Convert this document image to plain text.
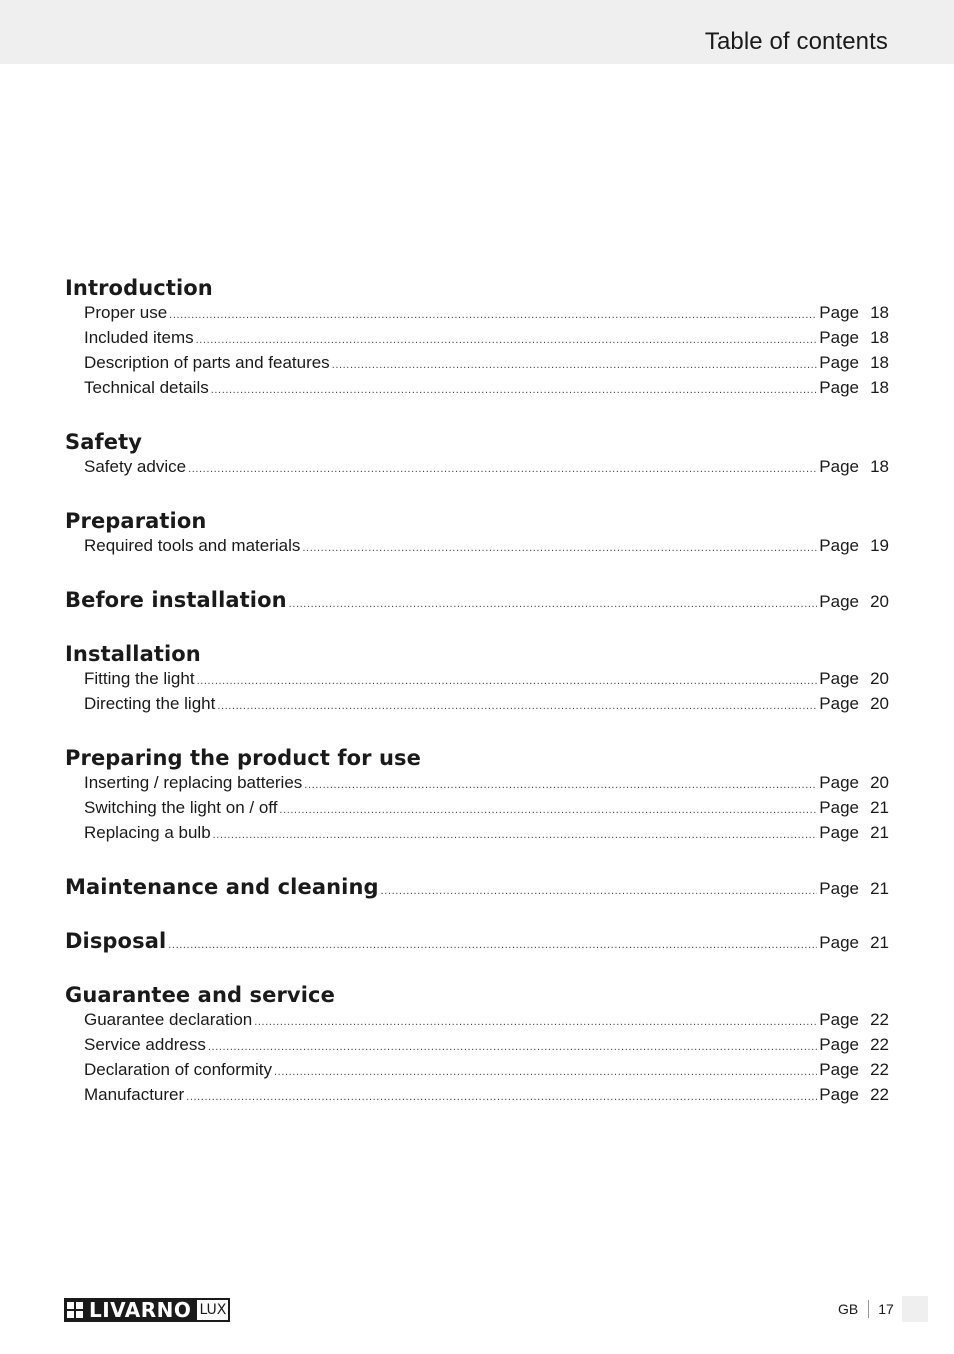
Table of contents
Introduction
Proper use .....	Page 18
Included items .....	Page 18
Description of parts and features .....	Page 18
Technical details .....	Page 18
Safety
Safety advice .....	Page 18
Preparation
Required tools and materials .....	Page 19
Before installation .....	Page 20
Installation
Fitting the light .....	Page 20
Directing the light .....	Page 20
Preparing the product for use
Inserting / replacing batteries .....	Page 20
Switching the light on / off .....	Page 21
Replacing a bulb .....	Page 21
Maintenance and cleaning .....	Page 21
Disposal .....	Page 21
Guarantee and service
Guarantee declaration .....	Page 22
Service address .....	Page 22
Declaration of conformity .....	Page 22
Manufacturer .....	Page 22
LIVARNO LUX	GB 17
